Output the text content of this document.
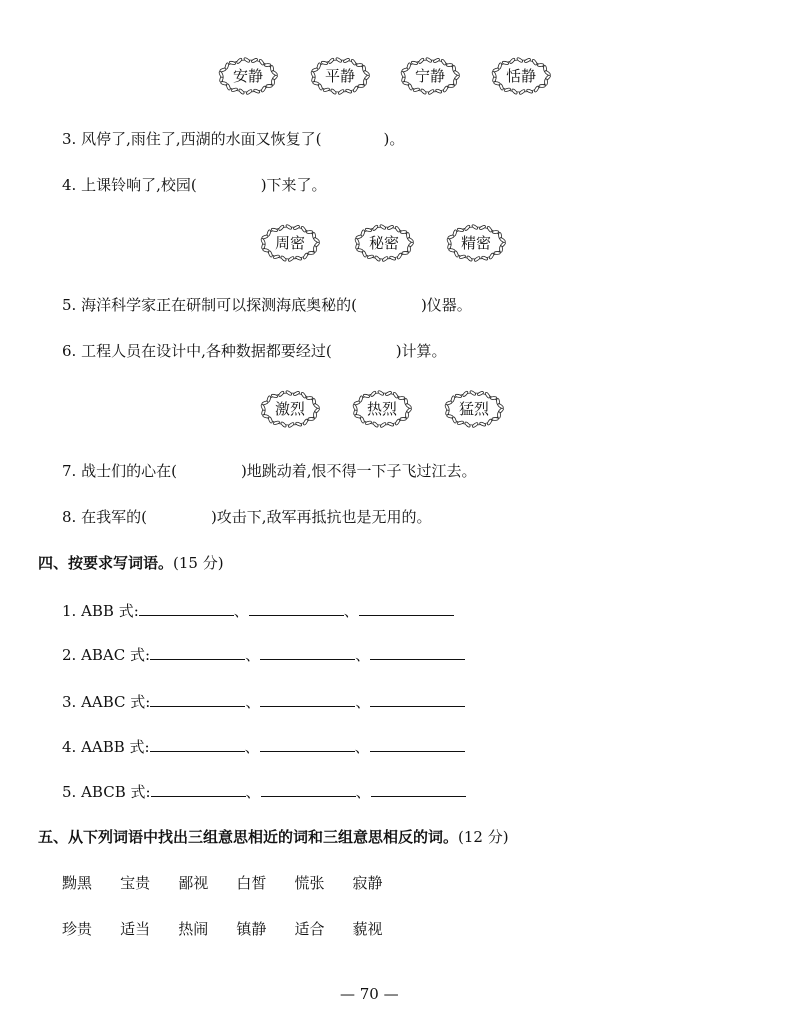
安静	平静	宁静	恬静
3. 风停了,雨住了,西湖的水面又恢复了(	)。
4. 上课铃响了,校园(	)下来了。
周密	秘密	精密
5. 海洋科学家正在研制可以探测海底奥秘的(	)仪器。
6. 工程人员在设计中,各种数据都要经过(	)计算。
激烈	热烈	猛烈
7. 战士们的心在(	)地跳动着,恨不得一下子飞过江去。
8. 在我军的(	)攻击下,敌军再抵抗也是无用的。
四、按要求写词语。(15 分)
1. ABB 式:	、	、
2. ABAC 式:	、	、
3. AABC 式:	、	、
4. AABB 式:	、	、
5. ABCB 式:	、	、
五、从下列词语中找出三组意思相近的词和三组意思相反的词。(12 分)
黝黑 宝贵 鄙视 白皙 慌张 寂静
珍贵 适当 热闹 镇静 适合 藐视
— 70 —
